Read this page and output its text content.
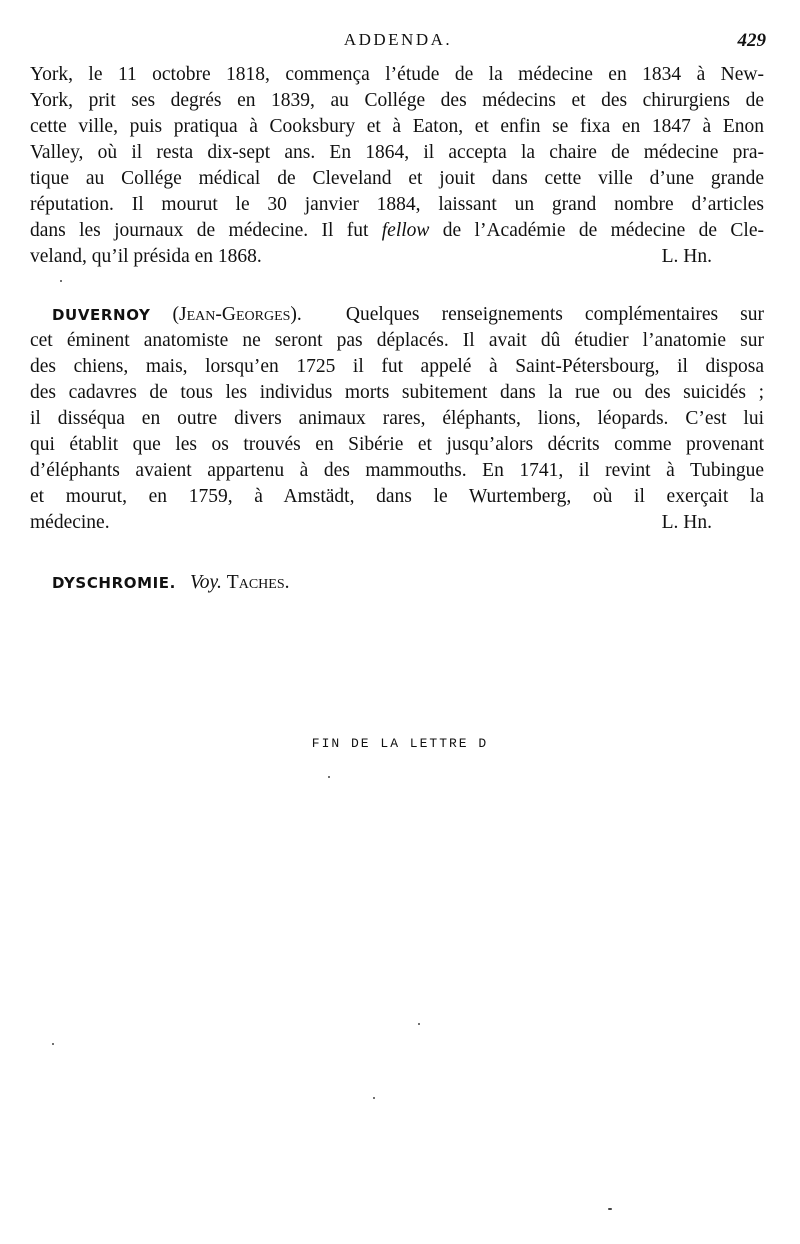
ADDENDA.	429
York, le 11 octobre 1818, commença l’étude de la médecine en 1834 à New-
York, prit ses degrés en 1839, au Collége des médecins et des chirurgiens de
cette ville, puis pratiqua à Cooksbury et à Eaton, et enfin se fixa en 1847 à Enon
Valley, où il resta dix-sept ans. En 1864, il accepta la chaire de médecine pra-
tique au Collége médical de Cleveland et jouit dans cette ville d’une grande
réputation. Il mourut le 30 janvier 1884, laissant un grand nombre d’articles
dans les journaux de médecine. Il fut fellow de l’Académie de médecine de Cle-
veland, qu’il présida en 1868.	L. Hn.
DUVERNOY (Jean-Georges). Quelques renseignements complémentaires sur
cet éminent anatomiste ne seront pas déplacés. Il avait dû étudier l’anatomie sur
des chiens, mais, lorsqu’en 1725 il fut appelé à Saint-Pétersbourg, il disposa
des cadavres de tous les individus morts subitement dans la rue ou des suicidés ;
il disséqua en outre divers animaux rares, éléphants, lions, léopards. C’est lui
qui établit que les os trouvés en Sibérie et jusqu’alors décrits comme provenant
d’éléphants avaient appartenu à des mammouths. En 1741, il revint à Tubingue
et mourut, en 1759, à Amstädt, dans le Wurtemberg, où il exerçait la
médecine.	L. Hn.
DYSCHROMIE. Voy. Taches.
FIN DE LA LETTRE D
